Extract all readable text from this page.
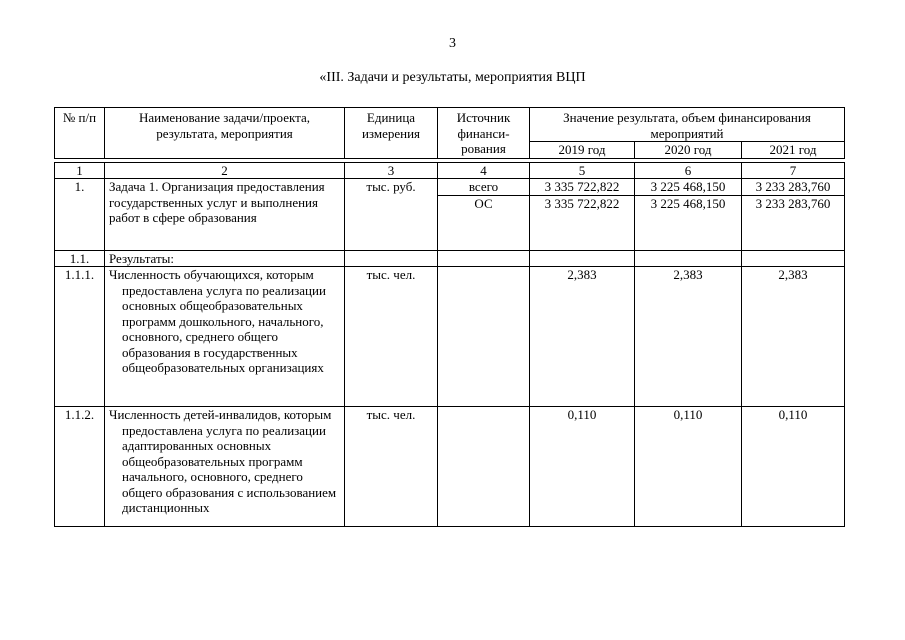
3
«III. Задачи и результаты, мероприятия ВЦП
№ п/п	Наименование задачи/проекта, результата, мероприятия	Единица измерения	Источник финанси- рования	Значение результата, объем финансирования мероприятий		
				2019 год	2020 год	2021 год

1	2	3	4	5	6	7
1.	Задача 1. Организация предоставления государственных услуг и выполнения работ в сфере образования	тыс. руб.	всего	3 335 722,822	3 225 468,150	3 233 283,760
			ОС	3 335 722,822	3 225 468,150	3 233 283,760
1.1.	Результаты:					
1.1.1.	Численность обучающихся, которым предоставлена услуга по реализации основных общеобразовательных программ дошкольного, начального, основного, среднего общего образования в государственных общеобразовательных организациях	тыс. чел.		2,383	2,383	2,383
1.1.2.	Численность детей-инвалидов, которым предоставлена услуга по реализации адаптированных основных общеобразовательных программ начального, основного, среднего общего образования с использованием дистанционных	тыс. чел.		0,110	0,110	0,110
